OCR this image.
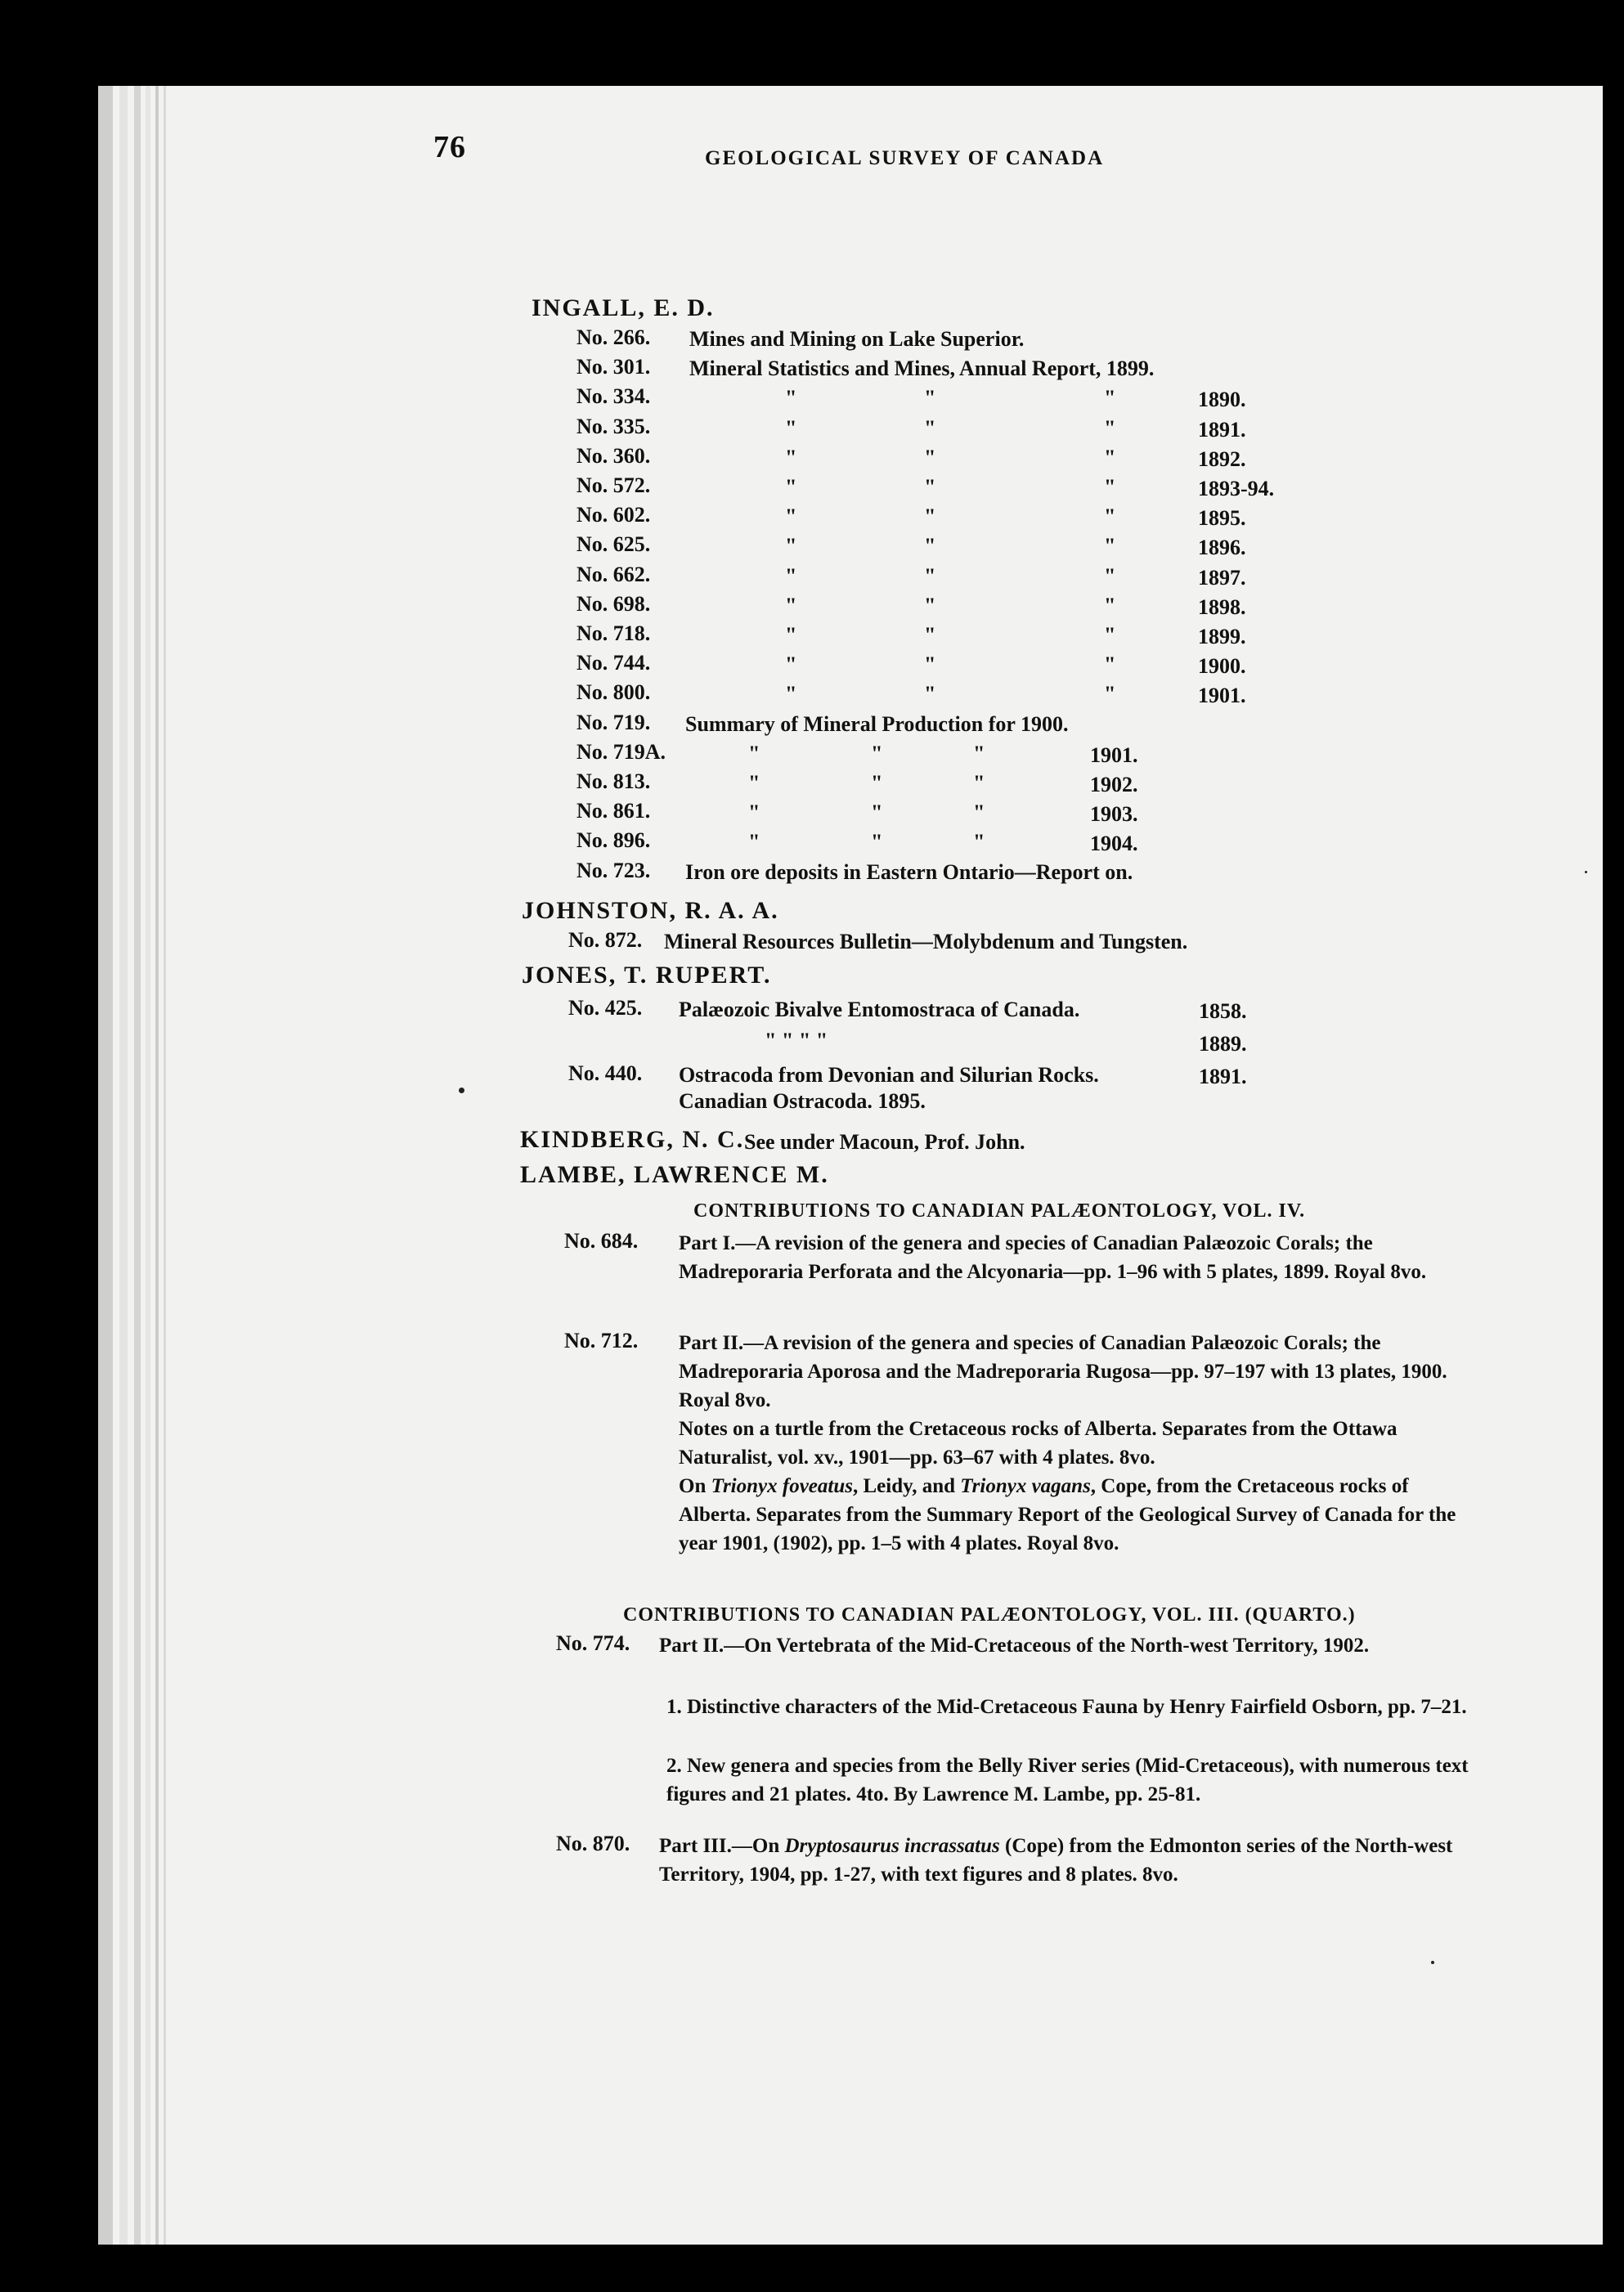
76	GEOLOGICAL SURVEY OF CANADA
INGALL, E. D.
No. 266. Mines and Mining on Lake Superior.
No. 301. Mineral Statistics and Mines, Annual Report, 1899.
No. 334.	"	"	"	1890.
No. 335.	"	"	"	1891.
No. 360.	"	"	"	1892.
No. 572.	"	"	"	1893-94.
No. 602.	"	"	"	1895.
No. 625.	"	"	"	1896.
No. 662.	"	"	"	1897.
No. 698.	"	"	"	1898.
No. 718.	"	"	"	1899.
No. 744.	"	"	"	1900.
No. 800.	"	"	"	1901.
No. 719. Summary of Mineral Production for 1900.
No. 719A.	"	"	"	1901.
No. 813.	"	"	"	1902.
No. 861.	"	"	"	1903.
No. 896.	"	"	"	1904.
No. 723. Iron ore deposits in Eastern Ontario—Report on.
JOHNSTON, R. A. A.
No. 872. Mineral Resources Bulletin—Molybdenum and Tungsten.
JONES, T. RUPERT.
No. 425. Palæozoic Bivalve Entomostraca of Canada.	1858.
" " " "	1889.
No. 440. Ostracoda from Devonian and Silurian Rocks.	1891.
Canadian Ostracoda. 1895.
KINDBERG, N. C. See under Macoun, Prof. John.
LAMBE, LAWRENCE M.
CONTRIBUTIONS TO CANADIAN PALÆONTOLOGY, VOL. IV.
No. 684. Part I.—A revision of the genera and species of Canadian Palæozoic Corals; the Madreporaria Perforata and the Alcyonaria—pp. 1–96 with 5 plates, 1899. Royal 8vo.
No. 712. Part II.—A revision of the genera and species of Canadian Palæozoic Corals; the Madreporaria Aporosa and the Madreporaria Rugosa—pp. 97–197 with 13 plates, 1900. Royal 8vo.
Notes on a turtle from the Cretaceous rocks of Alberta. Separates from the Ottawa Naturalist, vol. xv., 1901—pp. 63–67 with 4 plates. 8vo.
On Trionyx foveatus, Leidy, and Trionyx vagans, Cope, from the Cretaceous rocks of Alberta. Separates from the Summary Report of the Geological Survey of Canada for the year 1901, (1902), pp. 1–5 with 4 plates. Royal 8vo.
CONTRIBUTIONS TO CANADIAN PALÆONTOLOGY, VOL. III. (QUARTO.)
No. 774. Part II.—On Vertebrata of the Mid-Cretaceous of the North-west Territory, 1902.
1. Distinctive characters of the Mid-Cretaceous Fauna by Henry Fairfield Osborn, pp. 7–21.
2. New genera and species from the Belly River series (Mid-Cretaceous), with numerous text figures and 21 plates. 4to. By Lawrence M. Lambe, pp. 25-81.
No. 870. Part III.—On Dryptosaurus incrassatus (Cope) from the Edmonton series of the North-west Territory, 1904, pp. 1-27, with text figures and 8 plates. 8vo.
